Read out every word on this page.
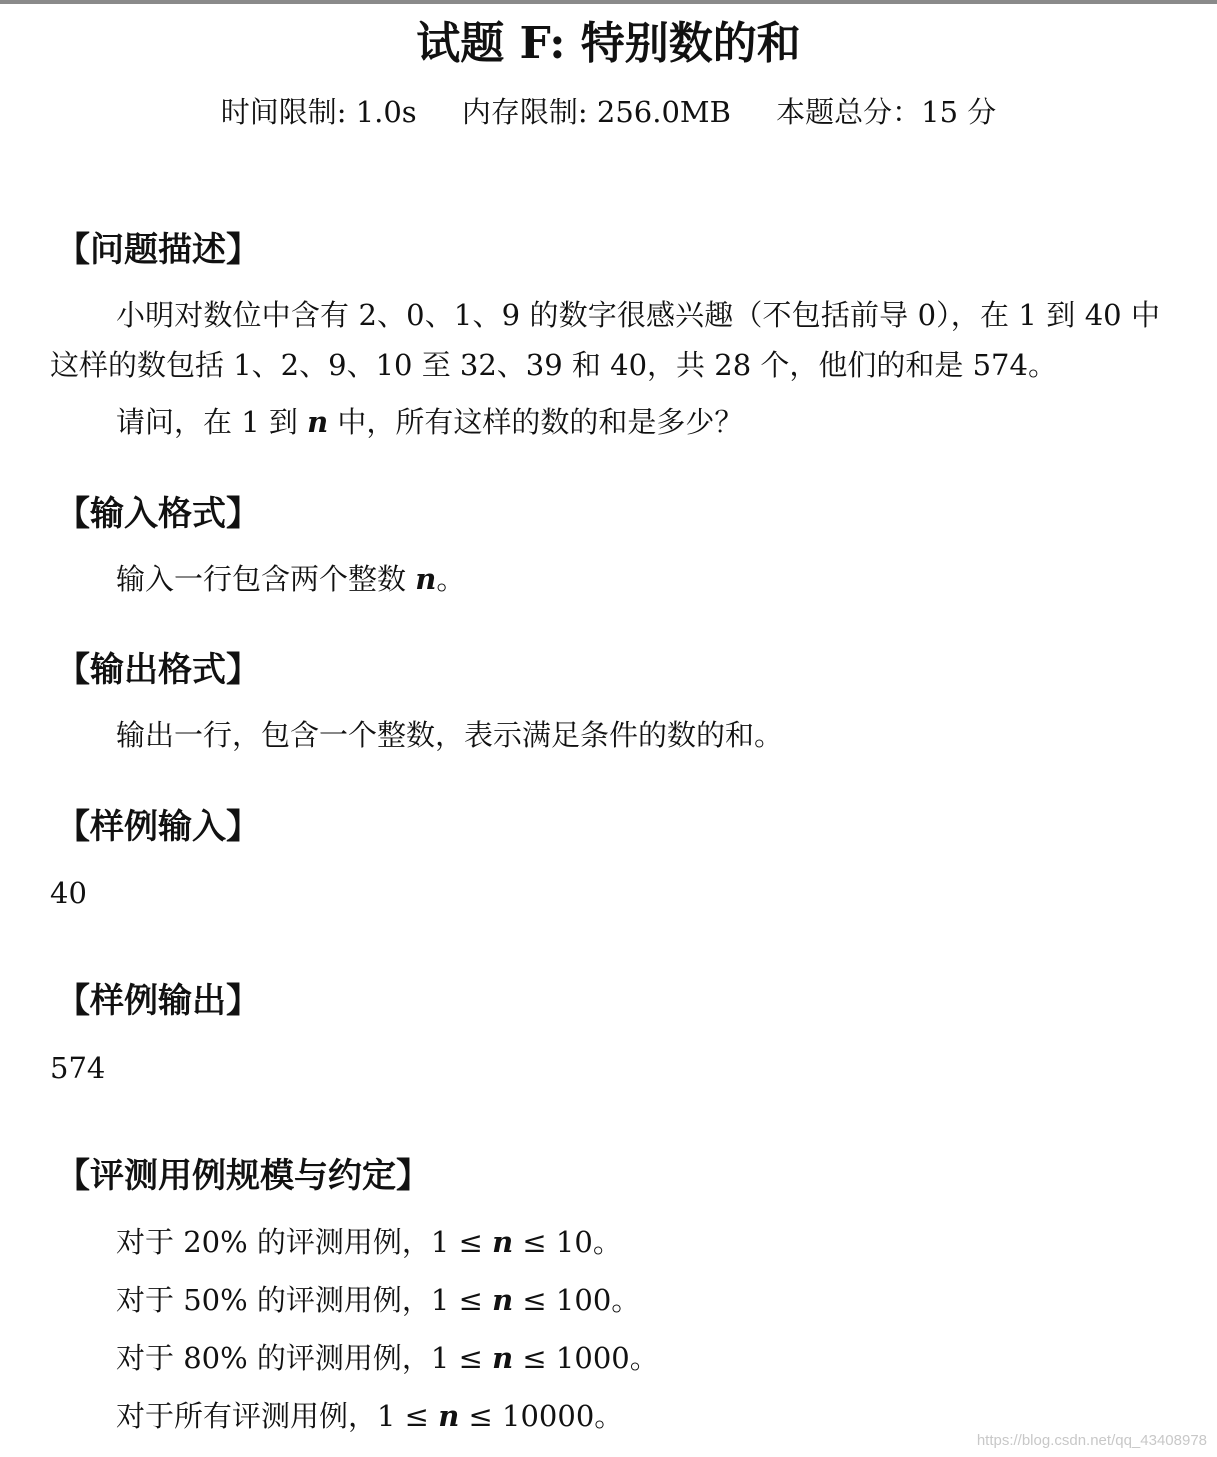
试题 F: 特别数的和
时间限制: 1.0s 内存限制: 256.0MB 本题总分：15 分
【问题描述】

小明对数位中含有 2、0、1、9 的数字很感兴趣（不包括前导 0），在 1 到 40 中这样的数包括 1、2、9、10 至 32、39 和 40，共 28 个，他们的和是 574。

请问，在 1 到 n 中，所有这样的数的和是多少？

【输入格式】

输入一行包含两个整数 n。

【输出格式】

输出一行，包含一个整数，表示满足条件的数的和。

【样例输入】

40

【样例输出】

574

【评测用例规模与约定】

对于 20% 的评测用例，1 ≤ n ≤ 10。

对于 50% 的评测用例，1 ≤ n ≤ 100。

对于 80% 的评测用例，1 ≤ n ≤ 1000。

对于所有评测用例，1 ≤ n ≤ 10000。

https://blog.csdn.net/qq_43408978
